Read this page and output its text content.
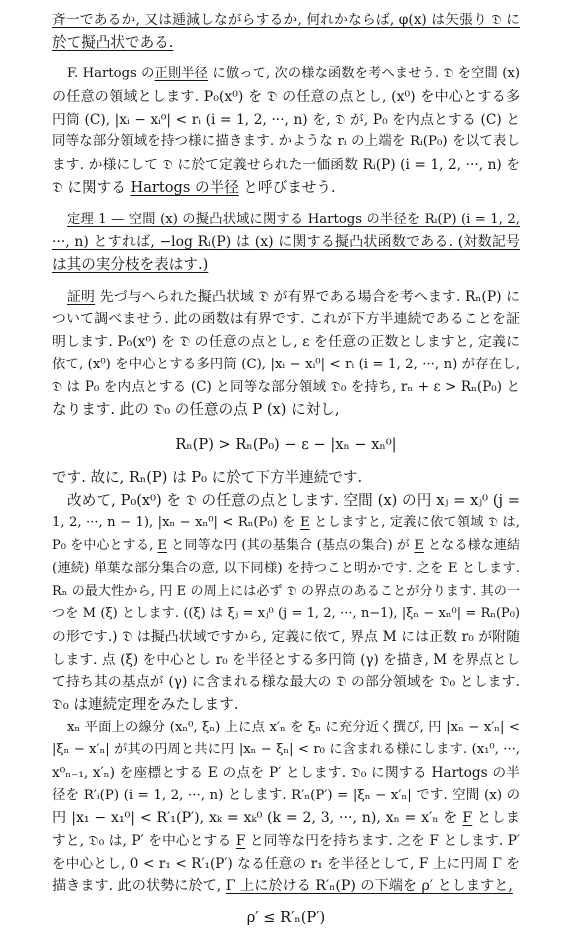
斉一であるか, 又は逓減しながらするか, 何れかならば, φ(x) は矢張り 𝔇 に
於て擬凸状である.
F. Hartogs の正則半径 に倣って, 次の様な函数を考へませう. 𝔇 を空間 (x)
の任意の領域とします. P₀(x⁰) を 𝔇 の任意の点とし, (x⁰) を中心とする多
円筒 (C), |xᵢ − xᵢ⁰| < rᵢ (i = 1, 2, ···, n) を, 𝔇 が, P₀ を内点とする (C) と
同等な部分領域を持つ様に描きます. かような rᵢ の上端を Rᵢ(P₀) を以て表し
ます. か様にして 𝔇 に於て定義せられた一価函数 Rᵢ(P) (i = 1, 2, ···, n) を
𝔇 に関する Hartogs の半径 と呼びませう.
定理 1 — 空間 (x) の擬凸状域に関する Hartogs の半径を Rᵢ(P) (i = 1, 2,
···, n) とすれば, −log Rᵢ(P) は (x) に関する擬凸状函数である. (対数記号
は其の実分枝を表はす.)
証明 先づ与へられた擬凸状域 𝔇 が有界である場合を考へます. Rₙ(P) に
ついて調べませう. 此の函数は有界です. これが下方半連続であることを証
明します. P₀(x⁰) を 𝔇 の任意の点とし, ε を任意の正数としますと, 定義に
依て, (x⁰) を中心とする多円筒 (C), |xᵢ − xᵢ⁰| < rᵢ (i = 1, 2, ···, n) が存在し,
𝔇 は P₀ を内点とする (C) と同等な部分領域 𝔇₀ を持ち, rₙ + ε > Rₙ(P₀) と
なります. 此の 𝔇₀ の任意の点 P (x) に対し,
Rₙ(P) > Rₙ(P₀) − ε − |xₙ − xₙ⁰|
です. 故に, Rₙ(P) は P₀ に於て下方半連続です.
改めて, P₀(x⁰) を 𝔇 の任意の点とします. 空間 (x) の円 xⱼ = xⱼ⁰ (j =
1, 2, ···, n − 1), |xₙ − xₙ⁰| < Rₙ(P₀) を E としますと, 定義に依て領域 𝔇 は,
P₀ を中心とする, E と同等な円 (其の基集合 (基点の集合) が E となる様な連結
(連続) 単葉な部分集合の意, 以下同様) を持つこと明かです. 之を E とします.
Rₙ の最大性から, 円 E の周上には必ず 𝔇 の界点のあることが分ります. 其の一
つを M (ξ) とします. ((ξ) は ξⱼ = xⱼ⁰ (j = 1, 2, ···, n−1), |ξₙ − xₙ⁰| = Rₙ(P₀)
の形です.) 𝔇 は擬凸状域ですから, 定義に依て, 界点 M には正数 r₀ が附随
します. 点 (ξ) を中心とし r₀ を半径とする多円筒 (γ) を描き, M を界点とし
て持ち其の基点が (γ) に含まれる様な最大の 𝔇 の部分領域を 𝔇₀ とします.
𝔇₀ は連続定理をみたします.
xₙ 平面上の線分 (xₙ⁰, ξₙ) 上に点 x′ₙ を ξₙ に充分近く撰び, 円 |xₙ − x′ₙ| <
|ξₙ − x′ₙ| が其の円周と共に円 |xₙ − ξₙ| < r₀ に含まれる様にします. (x₁⁰, ···,
x⁰ₙ₋₁, x′ₙ) を座標とする E の点を P′ とします. 𝔇₀ に関する Hartogs の半
径を R′ᵢ(P) (i = 1, 2, ···, n) とします. R′ₙ(P′) = |ξₙ − x′ₙ| です. 空間 (x) の
円 |x₁ − x₁⁰| < R′₁(P′), xₖ = xₖ⁰ (k = 2, 3, ···, n), xₙ = x′ₙ を F としま
すと, 𝔇₀ は, P′ を中心とする F と同等な円を持ちます. 之を F とします. P′
を中心とし, 0 < r₁ < R′₁(P′) なる任意の r₁ を半径として, F 上に円周 Γ を
描きます. 此の状勢に於て, Γ 上に於ける R′ₙ(P) の下端を ρ′ としますと,
ρ′ ≤ R′ₙ(P′)
